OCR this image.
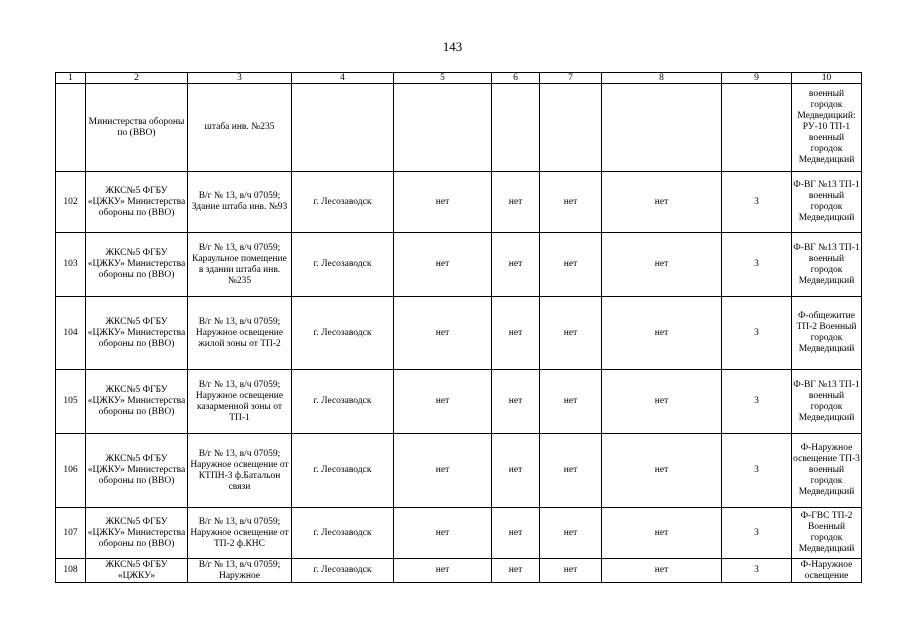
143
1	2	3	4	5	6	7	8	9	10
	Министерства обороны по (ВВО)	штаба инв. №235							военный городок Медведицкий: РУ-10 ТП-1 военный городок Медведицкий
102	ЖКС№5 ФГБУ «ЦЖКУ» Министерства обороны по (ВВО)	В/г № 13, в/ч 07059; Здание штаба инв. №93	г. Лесозаводск	нет	нет	нет	нет	3	Ф-ВГ №13 ТП-1 военный городок Медведицкий
103	ЖКС№5 ФГБУ «ЦЖКУ» Министерства обороны по (ВВО)	В/г № 13, в/ч 07059; Караульное помещение в здании штаба инв. №235	г. Лесозаводск	нет	нет	нет	нет	3	Ф-ВГ №13 ТП-1 военный городок Медведицкий
104	ЖКС№5 ФГБУ «ЦЖКУ» Министерства обороны по (ВВО)	В/г № 13, в/ч 07059; Наружное освещение жилой зоны от ТП-2	г. Лесозаводск	нет	нет	нет	нет	3	Ф-общежитие ТП-2 Военный городок Медведицкий
105	ЖКС№5 ФГБУ «ЦЖКУ» Министерства обороны по (ВВО)	В/г № 13, в/ч 07059; Наружное освещение казарменной зоны от ТП-1	г. Лесозаводск	нет	нет	нет	нет	3	Ф-ВГ №13 ТП-1 военный городок Медведицкий
106	ЖКС№5 ФГБУ «ЦЖКУ» Министерства обороны по (ВВО)	В/г № 13, в/ч 07059; Наружное освещение от КТПН-3 ф.Батальон связи	г. Лесозаводск	нет	нет	нет	нет	3	Ф-Наружное освещение ТП-3 военный городок Медведицкий
107	ЖКС№5 ФГБУ «ЦЖКУ» Министерства обороны по (ВВО)	В/г № 13, в/ч 07059; Наружное освещение от ТП-2 ф.КНС	г. Лесозаводск	нет	нет	нет	нет	3	Ф-ГВС ТП-2 Военный городок Медведицкий
108	ЖКС№5 ФГБУ «ЦЖКУ»	В/г № 13, в/ч 07059; Наружное	г. Лесозаводск	нет	нет	нет	нет	3	Ф-Наружное освещение
